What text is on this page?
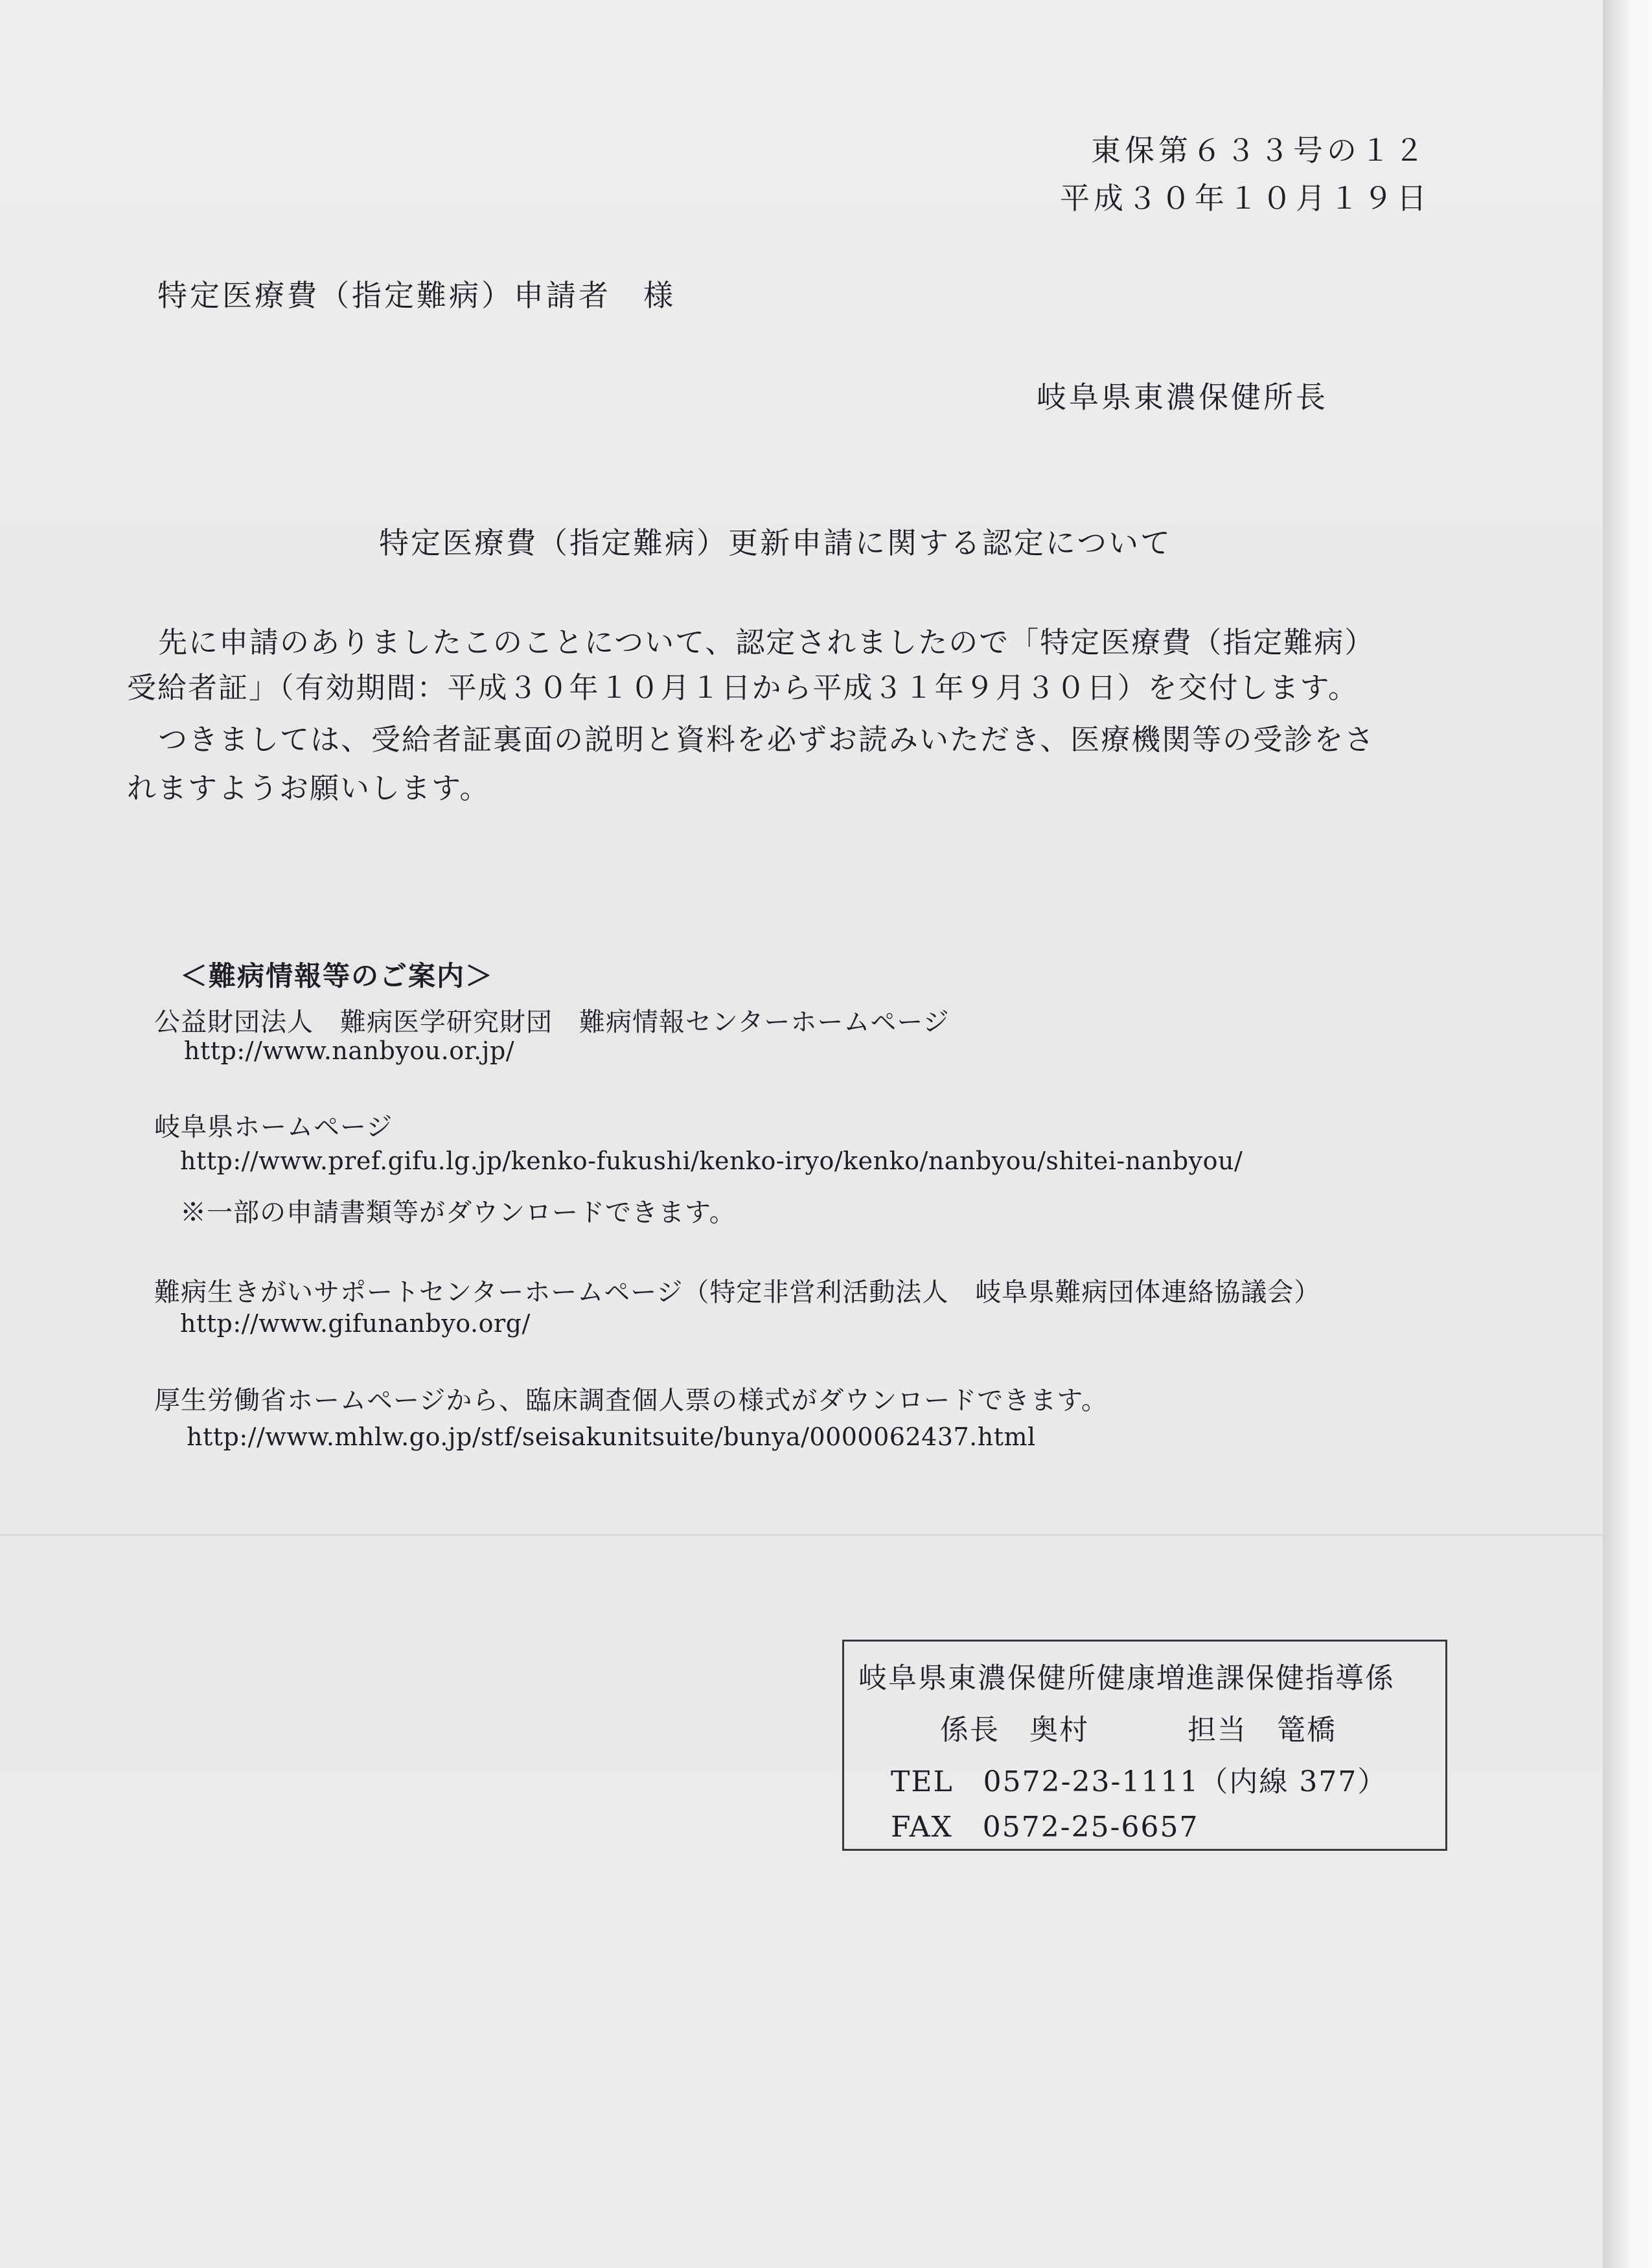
東保第６３３号の１２

平成３０年１０月１９日

特定医療費（指定難病）申請者　様

岐阜県東濃保健所長

特定医療費（指定難病）更新申請に関する認定について

先に申請のありましたこのことについて、認定されましたので「特定医療費（指定難病）

受給者証」（有効期間：平成３０年１０月１日から平成３１年９月３０日）を交付します。

つきましては、受給者証裏面の説明と資料を必ずお読みいただき、医療機関等の受診をさ

れますようお願いします。

＜難病情報等のご案内＞

公益財団法人　難病医学研究財団　難病情報センターホームページ

http://www.nanbyou.or.jp/

岐阜県ホームページ

http://www.pref.gifu.lg.jp/kenko-fukushi/kenko-iryo/kenko/nanbyou/shitei-nanbyou/

※一部の申請書類等がダウンロードできます。

難病生きがいサポートセンターホームページ（特定非営利活動法人　岐阜県難病団体連絡協議会）

http://www.gifunanbyo.org/

厚生労働省ホームページから、臨床調査個人票の様式がダウンロードできます。

http://www.mhlw.go.jp/stf/seisakunitsuite/bunya/0000062437.html

岐阜県東濃保健所健康増進課保健指導係
係長　奥村	担当　篭橋
TEL　0572-23-1111（内線 377）
FAX　0572-25-6657
